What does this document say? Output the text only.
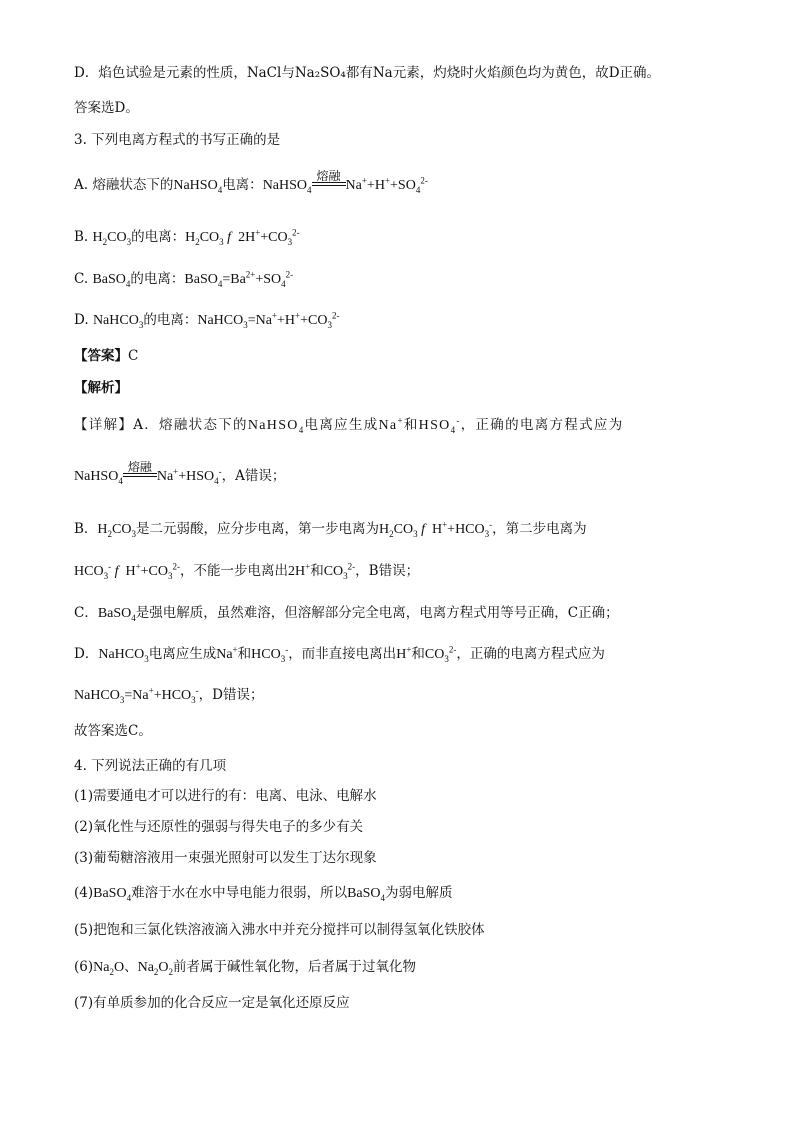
D．焰色试验是元素的性质，NaCl与Na₂SO₄都有Na元素，灼烧时火焰颜色均为黄色，故D正确。
答案选D。
3. 下列电离方程式的书写正确的是
A. 熔融状态下的NaHSO$_4$电离：NaHSO$_4$
熔融
$Na^++H^++SO_4^{2-}$
B. $H_2CO_3$的电离：$H_2CO_3$ f  $2H^++CO_3^{2-}$
C. BaSO$_4$的电离：$BaSO_4=Ba^{2+}+SO_4^{2-}$
D. NaHCO$_3$的电离：$NaHCO_3=Na^++H^++CO_3^{2-}$
【答案】C
【解析】
【详解】A．熔融状态下的NaHSO$_4$电离应生成Na+和$HSO_4^-$，正确的电离方程式应为
NaHSO$_4$
熔融
$Na^++HSO_4^-$，A错误；
B．$H_2CO_3$是二元弱酸，应分步电离，第一步电离为$H_2CO_3$ f  $H^++HCO_3^-$，第二步电离为
$HCO_3^-$ f  $H^++CO_3^{2-}$，不能一步电离出2H+和$CO_3^{2-}$，B错误；
C．BaSO$_4$是强电解质，虽然难溶，但溶解部分完全电离，电离方程式用等号正确，C正确；
D．NaHCO$_3$电离应生成Na+和$HCO_3^-$，而非直接电离出H+和$CO_3^{2-}$，正确的电离方程式应为
$NaHCO_3=Na^++HCO_3^-$，D错误；
故答案选C。
4. 下列说法正确的有几项
(1)需要通电才可以进行的有：电离、电泳、电解水
(2)氧化性与还原性的强弱与得失电子的多少有关
(3)葡萄糖溶液用一束强光照射可以发生丁达尔现象
(4)BaSO$_4$难溶于水在水中导电能力很弱，所以BaSO$_4$为弱电解质
(5)把饱和三氯化铁溶液滴入沸水中并充分搅拌可以制得氢氧化铁胶体
$(6)Na_2O$、$Na_2O_2$前者属于碱性氧化物，后者属于过氧化物
(7)有单质参加的化合反应一定是氧化还原反应
